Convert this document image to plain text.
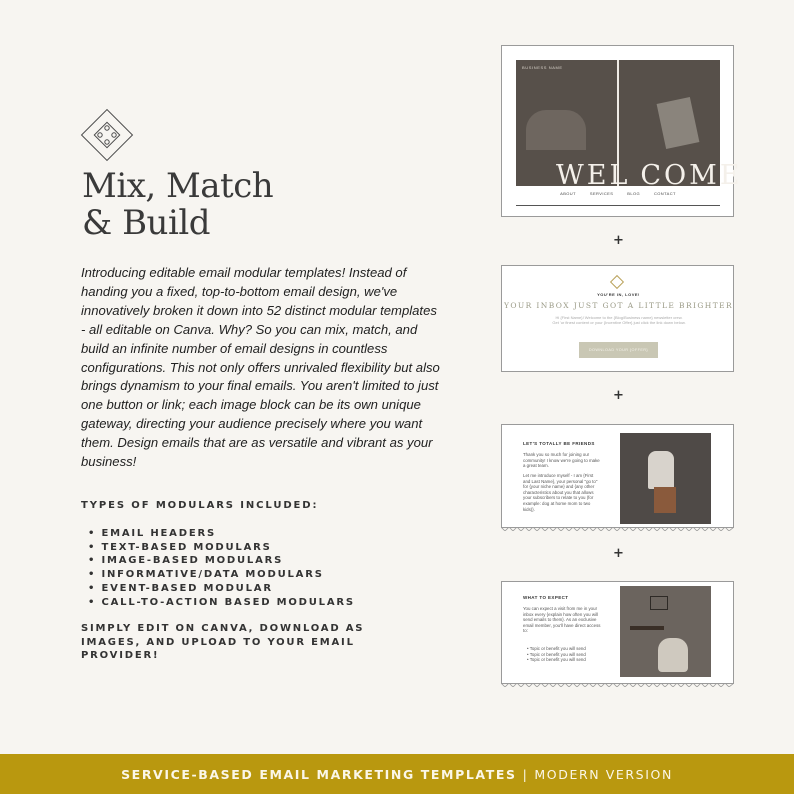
Mix, Match
& Build

Introducing editable email modular templates! Instead of handing you a fixed, top-to-bottom email design, we've innovatively broken it down into 52 distinct modular templates - all editable on Canva. Why? So you can mix, match, and build an infinite number of email designs in countless configurations. This not only offers unrivaled flexibility but also brings dynamism to your final emails. You aren't limited to just one button or link; each image block can be its own unique gateway, directing your audience precisely where you want them. Design emails that are as versatile and vibrant as your business!

TYPES OF MODULARS INCLUDED:
• EMAIL HEADERS
• TEXT-BASED MODULARS
• IMAGE-BASED MODULARS
• INFORMATIVE/DATA MODULARS
• EVENT-BASED MODULAR
• CALL-TO-ACTION BASED MODULARS

SIMPLY EDIT ON CANVA, DOWNLOAD AS IMAGES, AND UPLOAD TO YOUR EMAIL PROVIDER!

BUSINESS NAME
WEL COME
ABOUT	SERVICES	BLOG	CONTACT
+
YOU'RE IN, LOVE!
YOUR INBOX JUST GOT A LITTLE BRIGHTER
Hi {First Name}! Welcome to the {Blog/Business name} newsletter crew. Get 'ur finest content or your {Incentive Offer} just click the link down below.
DOWNLOAD YOUR {OFFER}
+
LET'S TOTALLY BE FRIENDS
Thank you so much for joining our community! I know we're going to make a great team.
Let me introduce myself - I am {First and Last Name}, your personal "go to" for {your niche name} and {any other characteristics about you that allows your subscribers to relate to you (for example: dog at home mom to two kids)}.
+
WHAT TO EXPECT
You can expect a visit from me in your inbox every {explain how often you will send emails to them}. As an exclusive email member, you'll have direct access to:
• Topic or benefit you will send
• Topic or benefit you will send
• Topic or benefit you will send
SERVICE-BASED EMAIL MARKETING TEMPLATES | MODERN VERSION
